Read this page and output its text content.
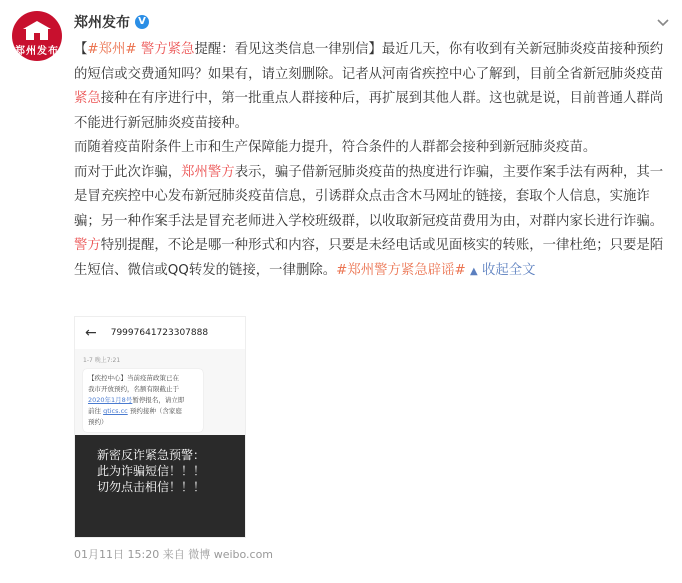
郑州发布
郑州发布 V

【#郑州# 警方紧急提醒：看见这类信息一律别信】最近几天，你有收到有关新冠肺炎疫苗接种预约的短信或交费通知吗？如果有，请立刻删除。记者从河南省疾控中心了解到，目前全省新冠肺炎疫苗紧急接种在有序进行中，第一批重点人群接种后，再扩展到其他人群。这也就是说，目前普通人群尚不能进行新冠肺炎疫苗接种。

而随着疫苗附条件上市和生产保障能力提升，符合条件的人群都会接种到新冠肺炎疫苗。

而对于此次诈骗，郑州警方表示，骗子借新冠肺炎疫苗的热度进行诈骗，主要作案手法有两种，其一是冒充疾控中心发布新冠肺炎疫苗信息，引诱群众点击含木马网址的链接，套取个人信息，实施诈骗；另一种作案手法是冒充老师进入学校班级群，以收取新冠疫苗费用为由，对群内家长进行诈骗。

警方特别提醒，不论是哪一种形式和内容，只要是未经电话或见面核实的转账，一律杜绝；只要是陌生短信、微信或QQ转发的链接，一律删除。#郑州警方紧急辟谣# ▲ 收起全文

← 79997641723307888
1-7 晚上7:21
【疾控中心】当前疫苗政策已在
我市开放预约，名额有限截止于
2020年1月8号暂停报名，请立即
前往 gtics.cc 预约接种（含家庭
预约）
新密反诈紧急预警：
此为诈骗短信！！！
切勿点击相信！！！
01月11日 15:20 来自 微博 weibo.com
